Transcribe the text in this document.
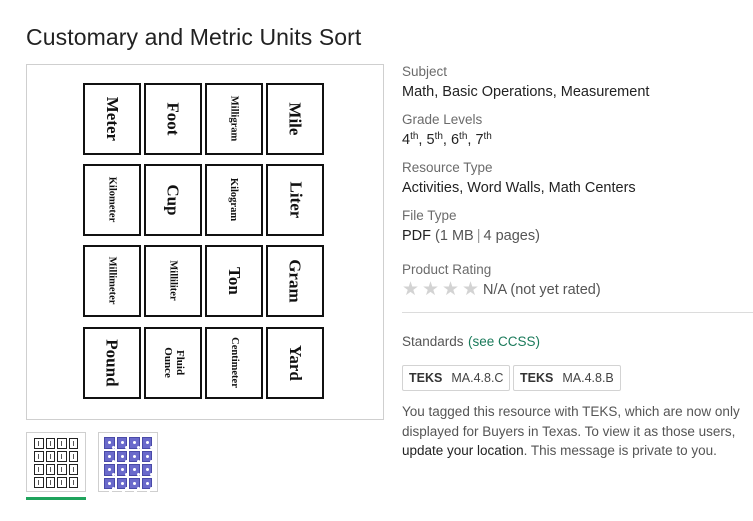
Customary and Metric Units Sort
Meter Foot	Milligram	Mile
Kilometer	Cup	Kilogram	Liter
Millimeter	Milliliter	Ton Gram
Pound	Fluid
Ounce	Centimeter	Yard
Subject
Math, Basic Operations, Measurement
Grade Levels
4th, 5th, 6th, 7th
Resource Type
Activities, Word Walls, Math Centers
File Type
PDF (1 MB | 4 pages)
Product Rating
★ ★ ★ ★ N/A (not yet rated)
Standards (see CCSS)
TEKS MA.4.8.C TEKS MA.4.8.B
You tagged this resource with TEKS, which are now only displayed for Buyers in Texas. To view it as those users, update your location. This message is private to you.
